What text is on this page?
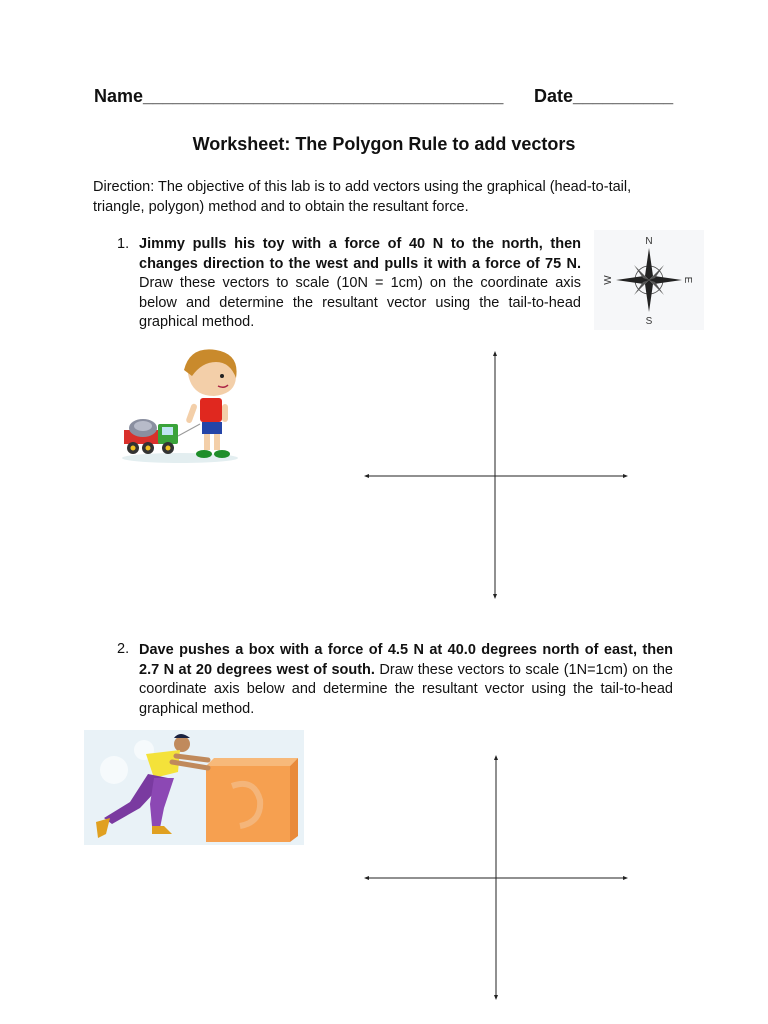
Name____________________________________ Date__________
Worksheet: The Polygon Rule to add vectors
Direction: The objective of this lab is to add vectors using the graphical (head-to-tail, triangle, polygon) method and to obtain the resultant force.
1. Jimmy pulls his toy with a force of 40 N to the north, then changes direction to the west and pulls it with a force of 75 N. Draw these vectors to scale (10N = 1cm) on the coordinate axis below and determine the resultant vector using the tail-to-head graphical method.
N
S
E
W
2. Dave pushes a box with a force of 4.5 N at 40.0 degrees north of east, then 2.7 N at 20 degrees west of south. Draw these vectors to scale (1N=1cm) on the coordinate axis below and determine the resultant vector using the tail-to-head graphical method.
